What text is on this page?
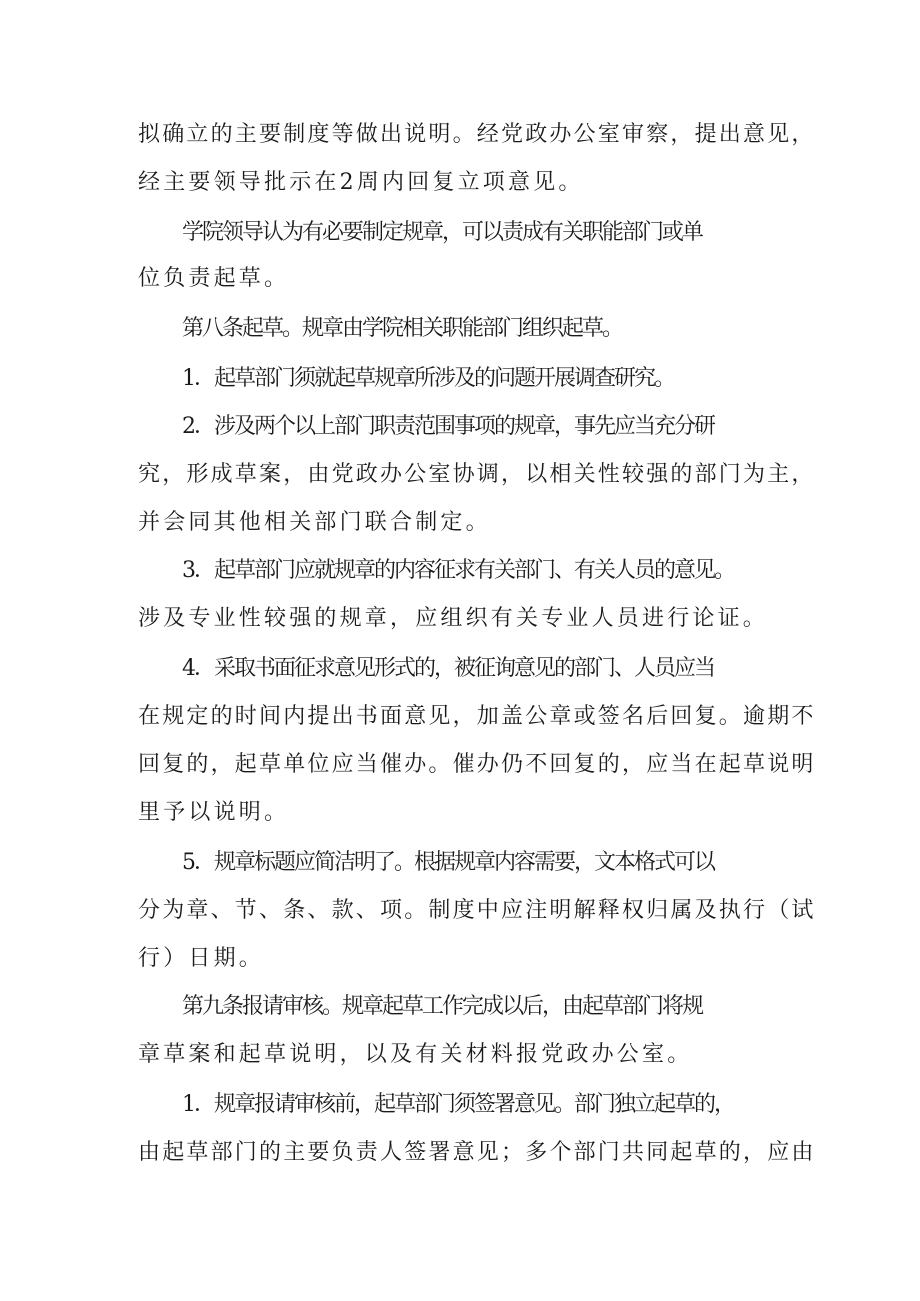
拟确立的主要制度等做出说明。经党政办公室审察，提出意见，
经主要领导批示在2周内回复立项意见。
学院领导认为有必要制定规章，可以责成有关职能部门或单
位负责起草。
第八条起草。规章由学院相关职能部门组织起草。
1．起草部门须就起草规章所涉及的问题开展调查研究。
2．涉及两个以上部门职责范围事项的规章，事先应当充分研
究，形成草案，由党政办公室协调，以相关性较强的部门为主，
并会同其他相关部门联合制定。
3．起草部门应就规章的内容征求有关部门、有关人员的意见。
涉及专业性较强的规章，应组织有关专业人员进行论证。
4．采取书面征求意见形式的，被征询意见的部门、人员应当
在规定的时间内提出书面意见，加盖公章或签名后回复。逾期不
回复的，起草单位应当催办。催办仍不回复的，应当在起草说明
里予以说明。
5．规章标题应简洁明了。根据规章内容需要，文本格式可以
分为章、节、条、款、项。制度中应注明解释权归属及执行（试
行）日期。
第九条报请审核。规章起草工作完成以后，由起草部门将规
章草案和起草说明，以及有关材料报党政办公室。
1．规章报请审核前，起草部门须签署意见。部门独立起草的，
由起草部门的主要负责人签署意见；多个部门共同起草的，应由
